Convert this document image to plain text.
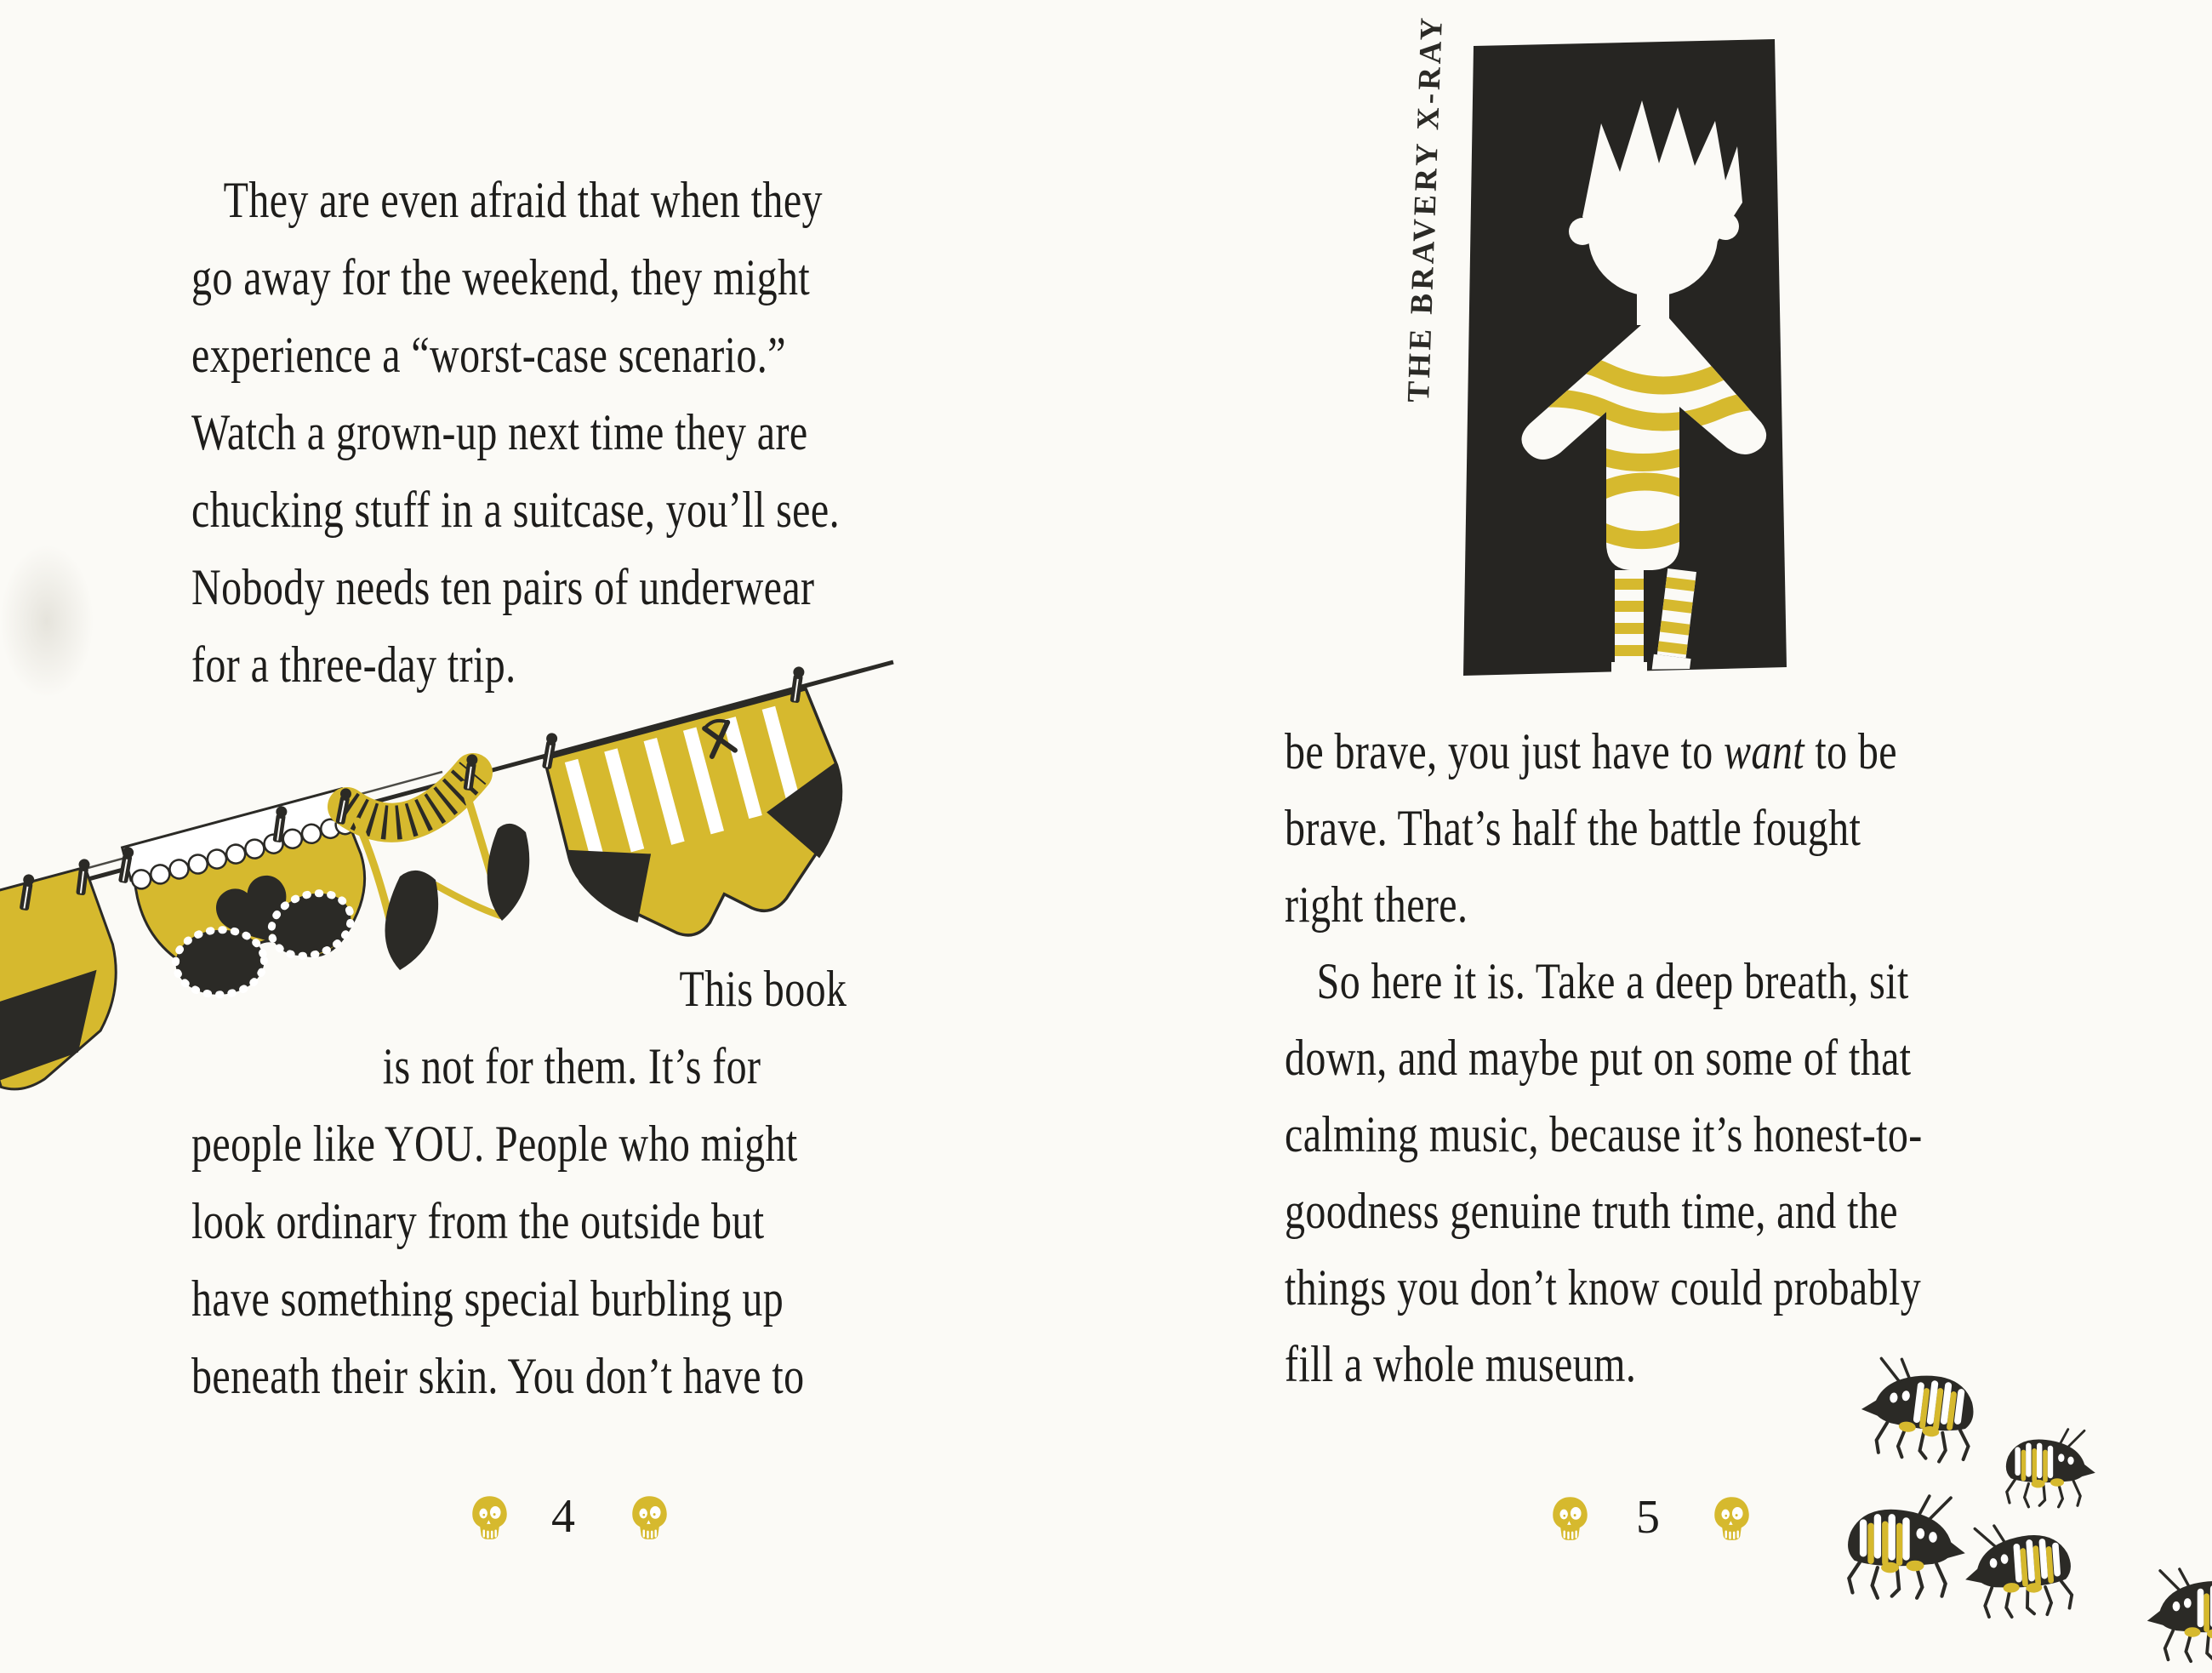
They are even afraid that when they
go away for the weekend, they might
experience a “worst-case scenario.”
Watch a grown-up next time they are
chucking stuff in a suitcase, you’ll see.
Nobody needs ten pairs of underwear
for a three-day trip.
This book
is not for them. It’s for
people like YOU. People who might
look ordinary from the outside but
have something special burbling up
beneath their skin. You don’t have to
4
THE BRAVERY X-RAY
be brave, you just have to want to be
brave. That’s half the battle fought
right there.
So here it is. Take a deep breath, sit
down, and maybe put on some of that
calming music, because it’s honest-to-
goodness genuine truth time, and the
things you don’t know could probably
fill a whole museum.
5
